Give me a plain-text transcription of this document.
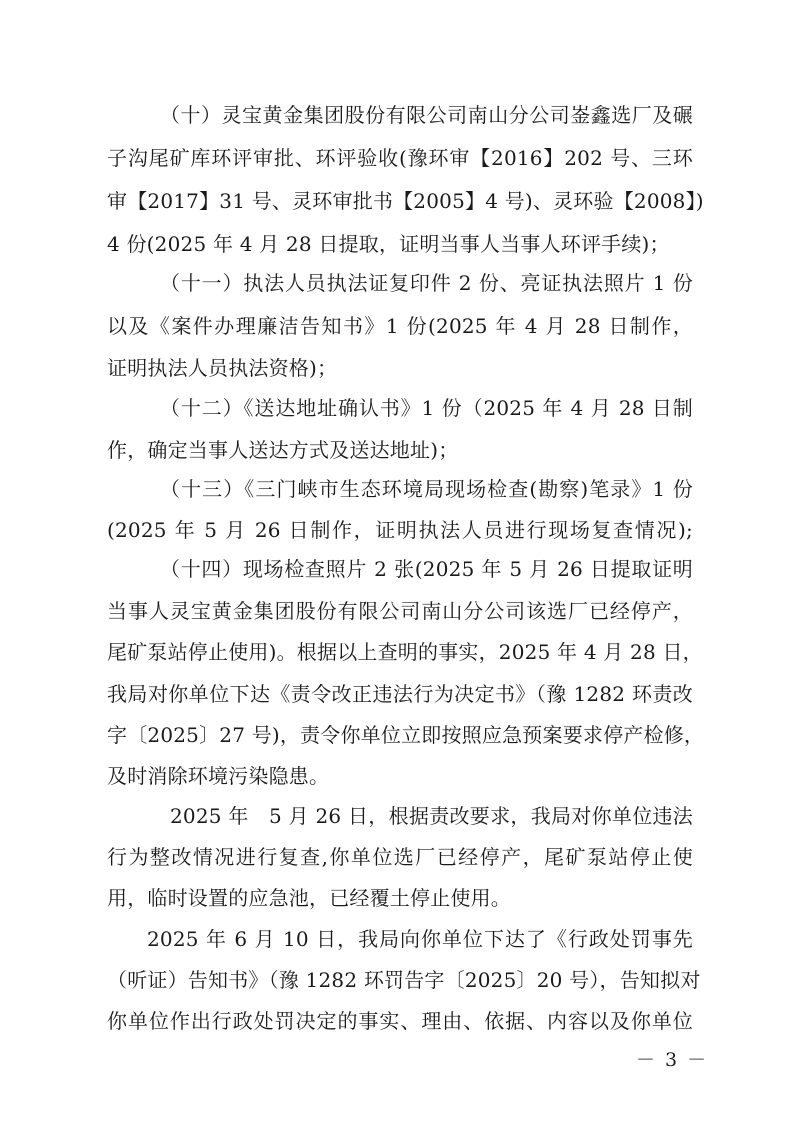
（十）灵宝黄金集团股份有限公司南山分公司崟鑫选厂及碾
子沟尾矿库环评审批、环评验收(豫环审【2016】202 号、三环
审【2017】31 号、灵环审批书【2005】4 号)、灵环验【2008】)
4 份(2025 年 4 月 28 日提取，证明当事人当事人环评手续)；
（十一）执法人员执法证复印件 2 份、亮证执法照片 1 份
以及《案件办理廉洁告知书》1 份(2025 年 4 月 28 日制作，
证明执法人员执法资格)；
（十二）《送达地址确认书》1 份（2025 年 4 月 28 日制
作，确定当事人送达方式及送达地址)；
（十三）《三门峡市生态环境局现场检查(勘察)笔录》1 份
(2025 年 5 月 26 日制作，证明执法人员进行现场复查情况);
（十四）现场检查照片 2 张(2025 年 5 月 26 日提取证明
当事人灵宝黄金集团股份有限公司南山分公司该选厂已经停产，
尾矿泵站停止使用)。根据以上查明的事实，2025 年 4 月 28 日，
我局对你单位下达《责令改正违法行为决定书》（豫 1282 环责改
字〔2025〕27 号)，责令你单位立即按照应急预案要求停产检修，
及时消除环境污染隐患。
2025 年　5 月 26 日，根据责改要求，我局对你单位违法
行为整改情况进行复查,你单位选厂已经停产，尾矿泵站停止使
用，临时设置的应急池，已经覆土停止使用。
2025 年 6 月 10 日，我局向你单位下达了《行政处罚事先
（听证）告知书》（豫 1282 环罚告字〔2025〕20 号），告知拟对
你单位作出行政处罚决定的事实、理由、依据、内容以及你单位
－ 3 －
